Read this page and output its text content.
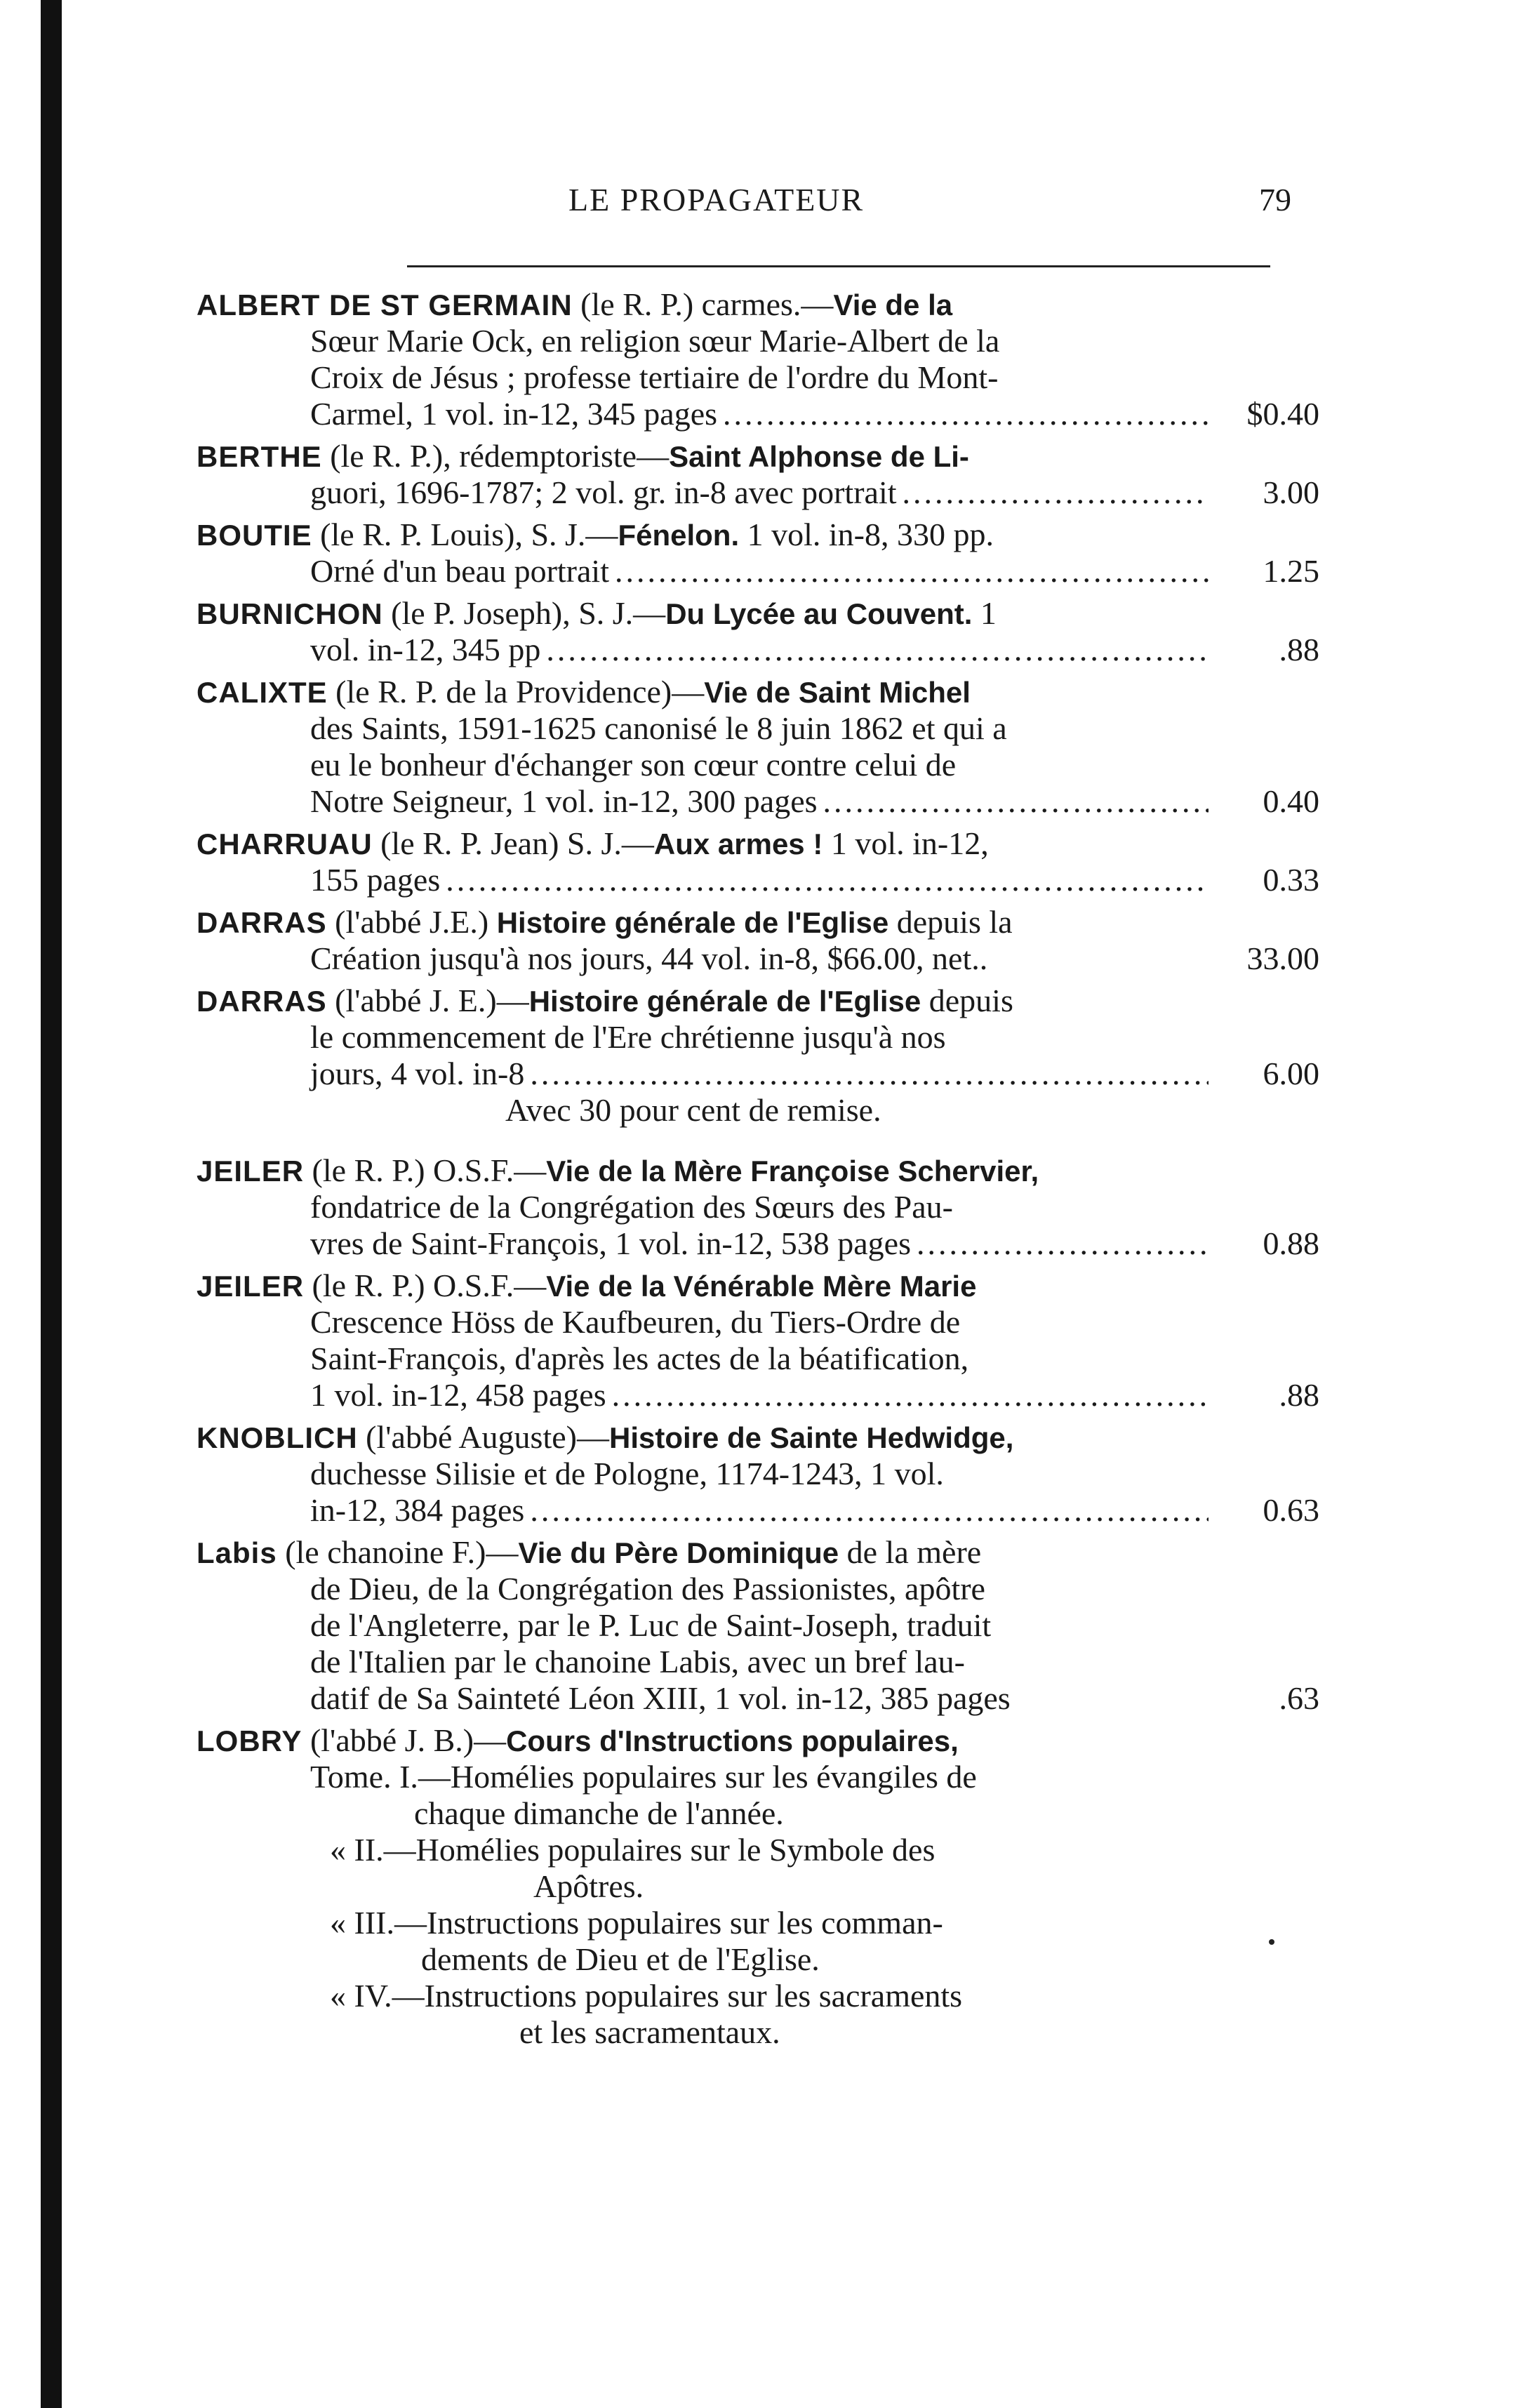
LE PROPAGATEUR	79
ALBERT DE ST GERMAIN (le R. P.) carmes.—Vie de la
Sœur Marie Ock, en religion sœur Marie-Albert de la
Croix de Jésus ; professe tertiaire de l'ordre du Mont-
Carmel, 1 vol. in-12, 345 pages .....	$0.40
BERTHE (le R. P.), rédemptoriste—Saint Alphonse de Li-
guori, 1696-1787; 2 vol. gr. in-8 avec portrait .....	3.00
BOUTIE (le R. P. Louis), S. J.—Fénelon. 1 vol. in-8, 330 pp.
Orné d'un beau portrait .....	1.25
BURNICHON (le P. Joseph), S. J.—Du Lycée au Couvent. 1
vol. in-12, 345 pp .....	.88
CALIXTE (le R. P. de la Providence)—Vie de Saint Michel
des Saints, 1591-1625 canonisé le 8 juin 1862 et qui a
eu le bonheur d'échanger son cœur contre celui de
Notre Seigneur, 1 vol. in-12, 300 pages .....	0.40
CHARRUAU (le R. P. Jean) S. J.—Aux armes ! 1 vol. in-12,
155 pages .....	0.33
DARRAS (l'abbé J.E.) Histoire générale de l'Eglise depuis la
Création jusqu'à nos jours, 44 vol. in-8, $66.00, net..	33.00
DARRAS (l'abbé J. E.)—Histoire générale de l'Eglise depuis
le commencement de l'Ere chrétienne jusqu'à nos
jours, 4 vol. in-8 .....	6.00
Avec 30 pour cent de remise.
JEILER (le R. P.) O.S.F.—Vie de la Mère Françoise Schervier,
fondatrice de la Congrégation des Sœurs des Pau-
vres de Saint-François, 1 vol. in-12, 538 pages .....	0.88
JEILER (le R. P.) O.S.F.—Vie de la Vénérable Mère Marie
Crescence Höss de Kaufbeuren, du Tiers-Ordre de
Saint-François, d'après les actes de la béatification,
1 vol. in-12, 458 pages .....	.88
KNOBLICH (l'abbé Auguste)—Histoire de Sainte Hedwidge,
duchesse Silisie et de Pologne, 1174-1243, 1 vol.
in-12, 384 pages .....	0.63
Labis (le chanoine F.)—Vie du Père Dominique de la mère
de Dieu, de la Congrégation des Passionistes, apôtre
de l'Angleterre, par le P. Luc de Saint-Joseph, traduit
de l'Italien par le chanoine Labis, avec un bref lau-
datif de Sa Sainteté Léon XIII, 1 vol. in-12, 385 pages	.63
LOBRY (l'abbé J. B.)—Cours d'Instructions populaires,
Tome. I.—Homélies populaires sur les évangiles de
chaque dimanche de l'année.
« II.—Homélies populaires sur le Symbole des
Apôtres.
« III.—Instructions populaires sur les comman-
dements de Dieu et de l'Eglise.
« IV.—Instructions populaires sur les sacraments
et les sacramentaux.
